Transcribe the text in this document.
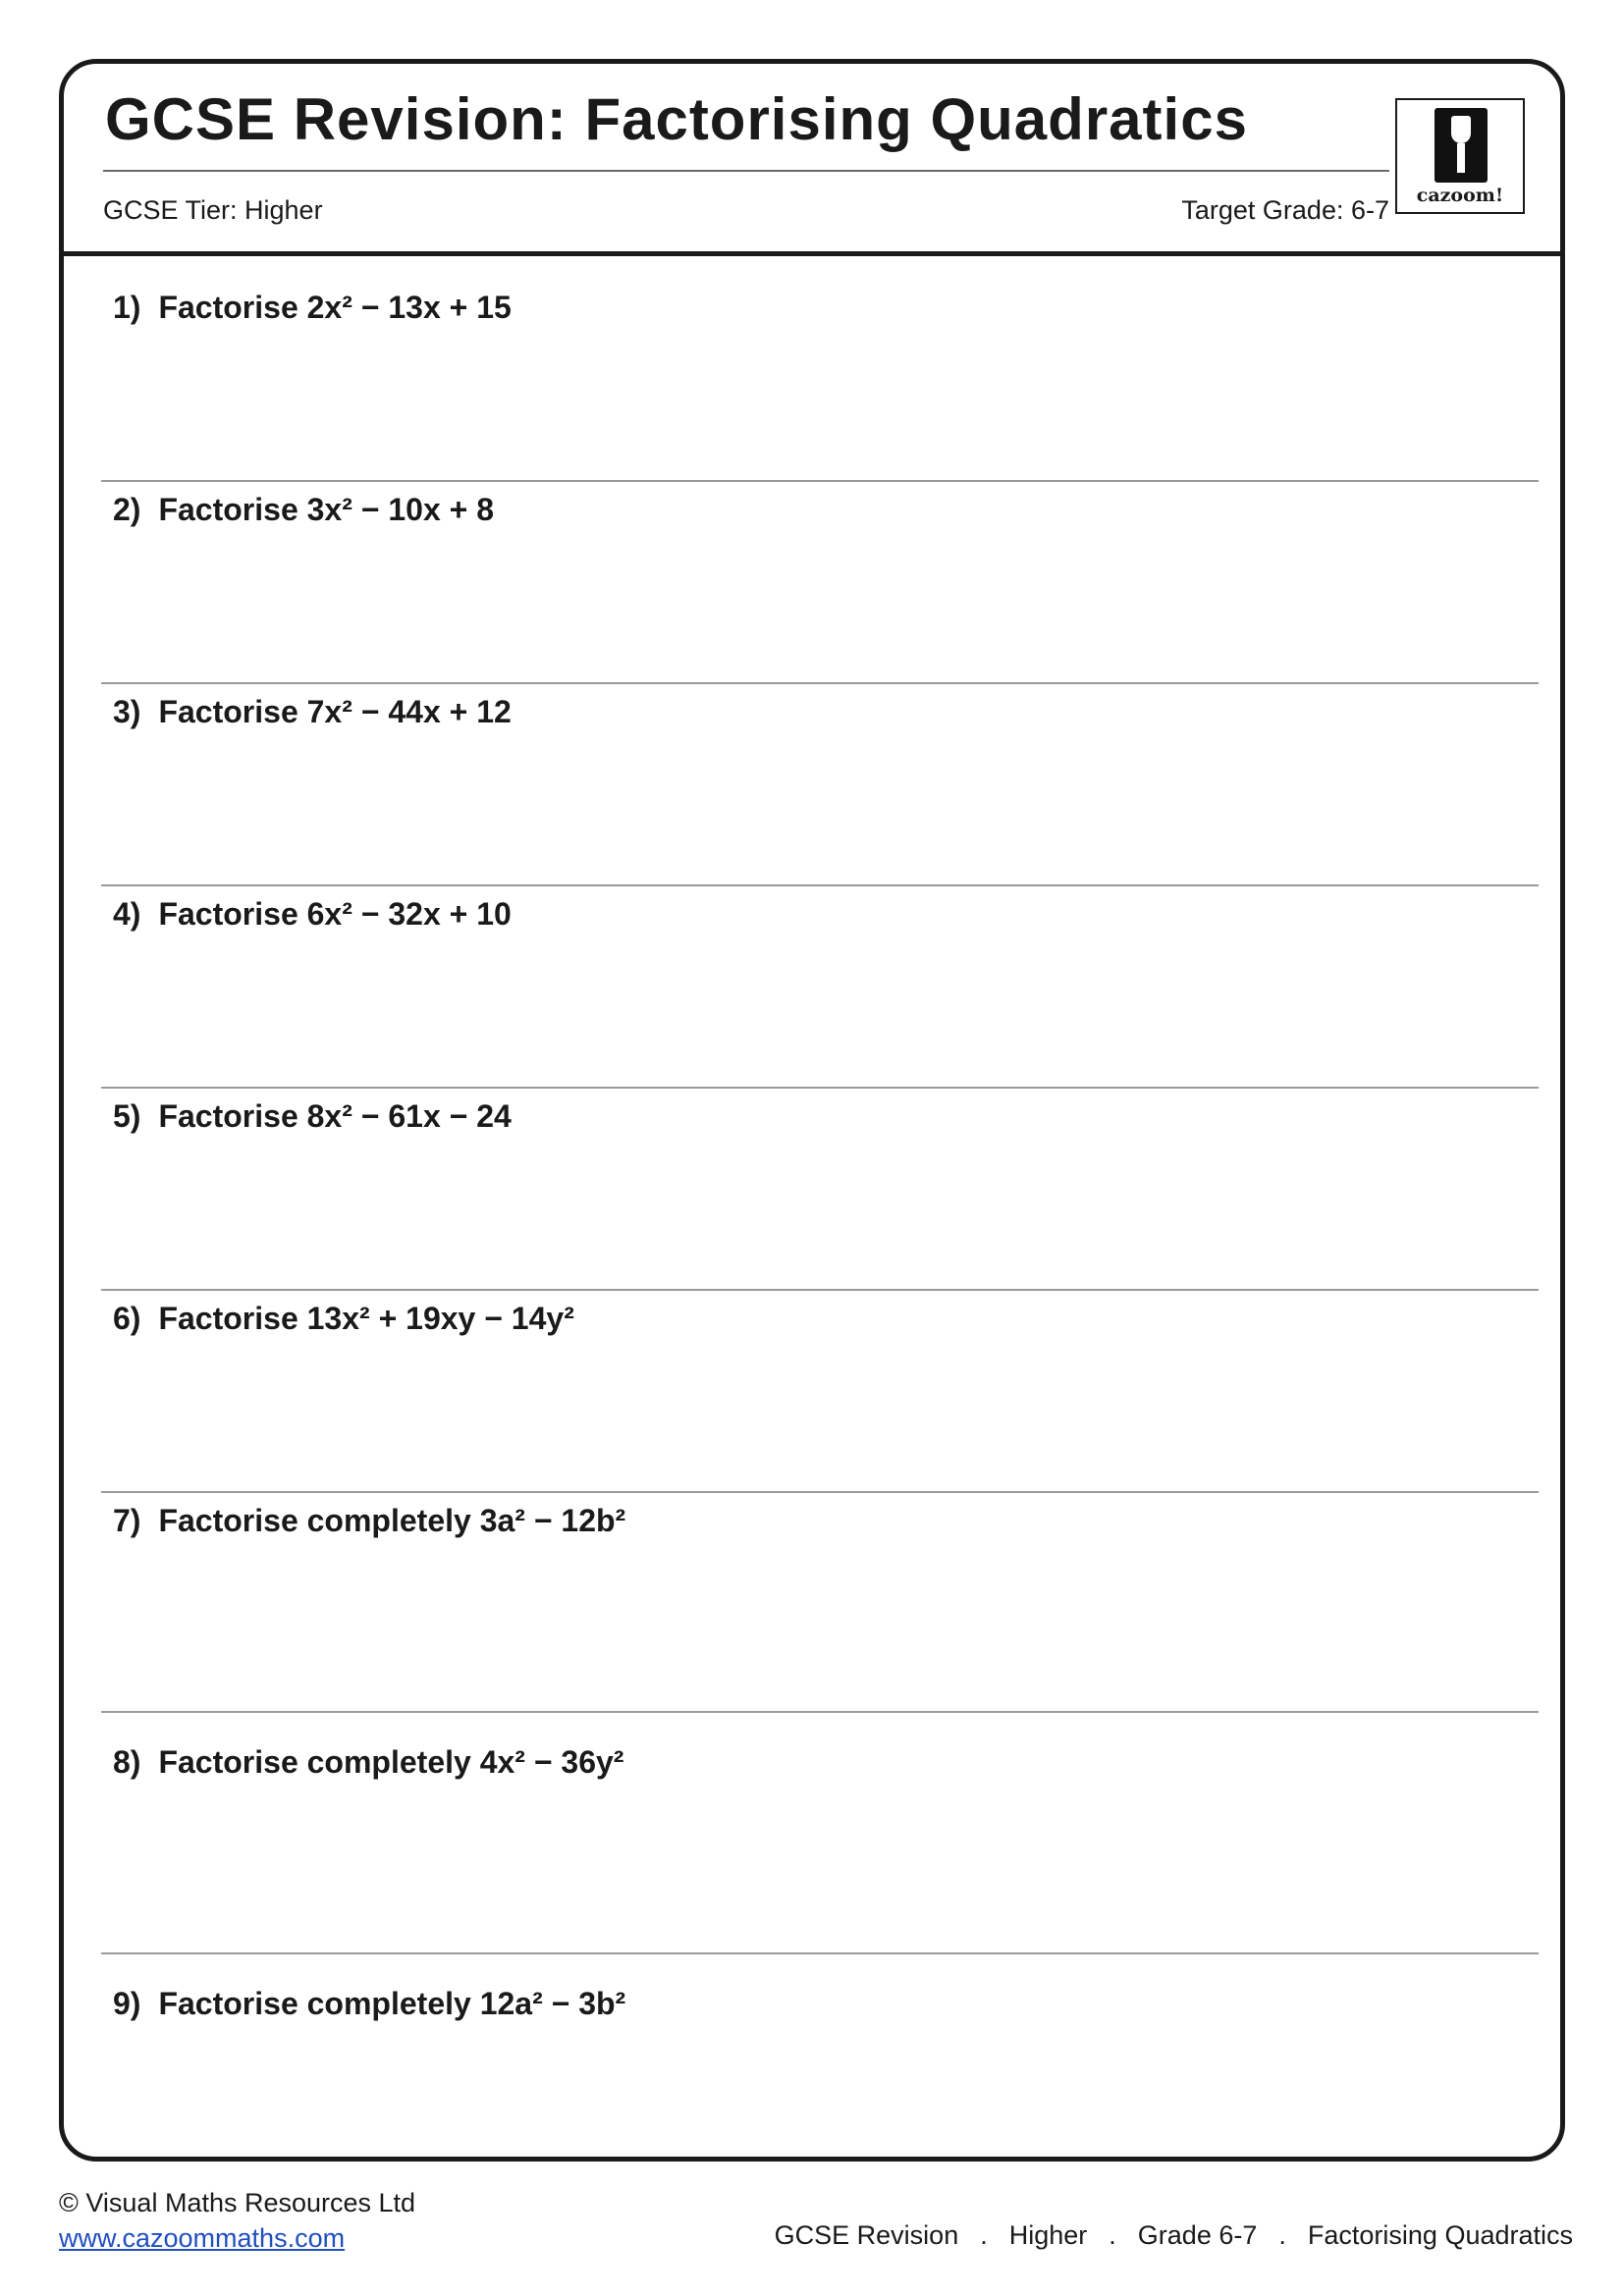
GCSE Revision: Factorising Quadratics
GCSE Tier: Higher	Target Grade: 6-7	cazoom!
1) Factorise 2x² − 13x + 15
2) Factorise 3x² − 10x + 8
3) Factorise 7x² − 44x + 12
4) Factorise 6x² − 32x + 10
5) Factorise 8x² − 61x − 24
6) Factorise 13x² + 19xy − 14y²
7) Factorise completely 3a² − 12b²
8) Factorise completely 4x² − 36y²
9) Factorise completely 12a² − 3b²
© Visual Maths Resources Ltd
www.cazoommaths.com	GCSE Revision . Higher . Grade 6-7 . Factorising Quadratics
